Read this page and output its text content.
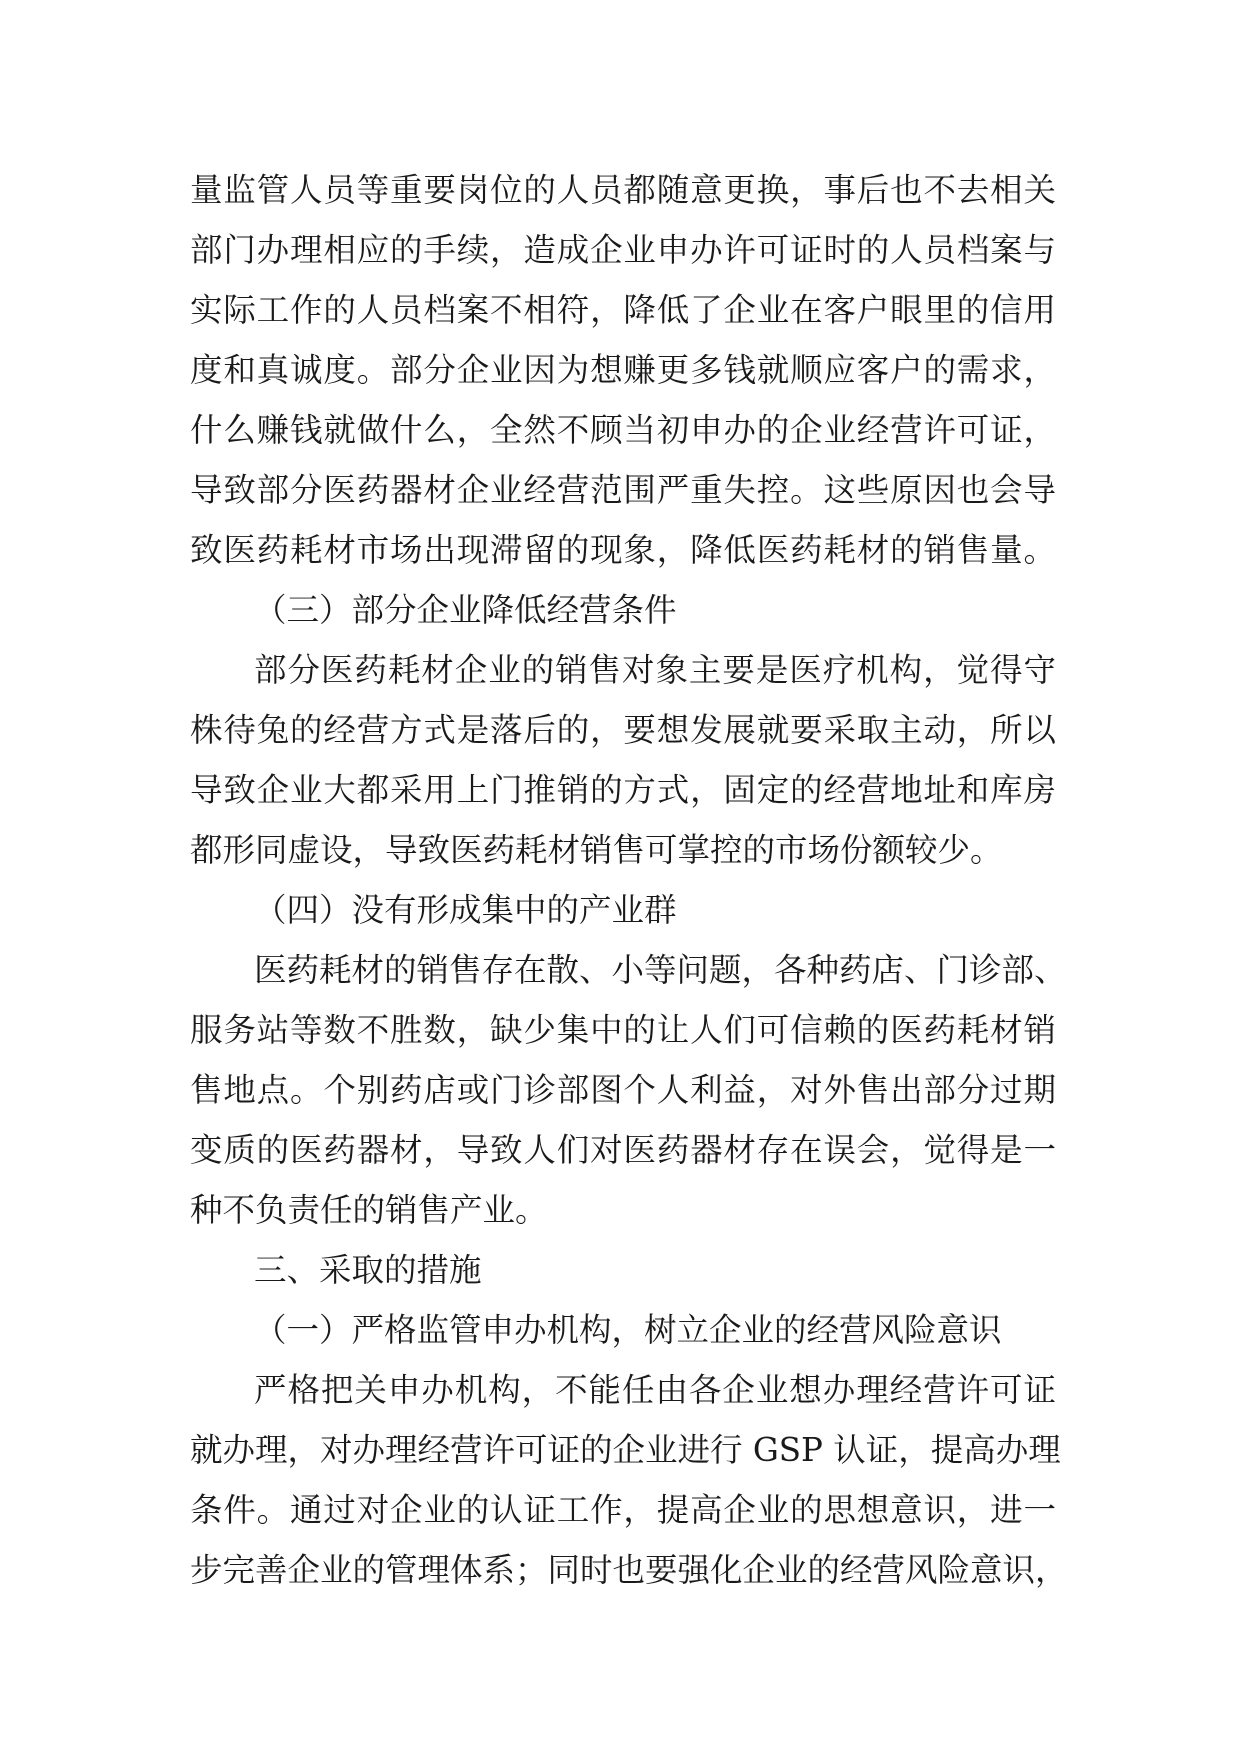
量监管人员等重要岗位的人员都随意更换，事后也不去相关
部门办理相应的手续，造成企业申办许可证时的人员档案与
实际工作的人员档案不相符，降低了企业在客户眼里的信用
度和真诚度。部分企业因为想赚更多钱就顺应客户的需求，
什么赚钱就做什么，全然不顾当初申办的企业经营许可证，
导致部分医药器材企业经营范围严重失控。这些原因也会导
致医药耗材市场出现滞留的现象，降低医药耗材的销售量。
（三）部分企业降低经营条件
部分医药耗材企业的销售对象主要是医疗机构，觉得守
株待兔的经营方式是落后的，要想发展就要采取主动，所以
导致企业大都采用上门推销的方式，固定的经营地址和库房
都形同虚设，导致医药耗材销售可掌控的市场份额较少。
（四）没有形成集中的产业群
医药耗材的销售存在散、小等问题，各种药店、门诊部、
服务站等数不胜数，缺少集中的让人们可信赖的医药耗材销
售地点。个别药店或门诊部图个人利益，对外售出部分过期
变质的医药器材，导致人们对医药器材存在误会，觉得是一
种不负责任的销售产业。
三、采取的措施
（一）严格监管申办机构，树立企业的经营风险意识
严格把关申办机构，不能任由各企业想办理经营许可证
就办理，对办理经营许可证的企业进行 GSP 认证，提高办理
条件。通过对企业的认证工作，提高企业的思想意识，进一
步完善企业的管理体系；同时也要强化企业的经营风险意识，
